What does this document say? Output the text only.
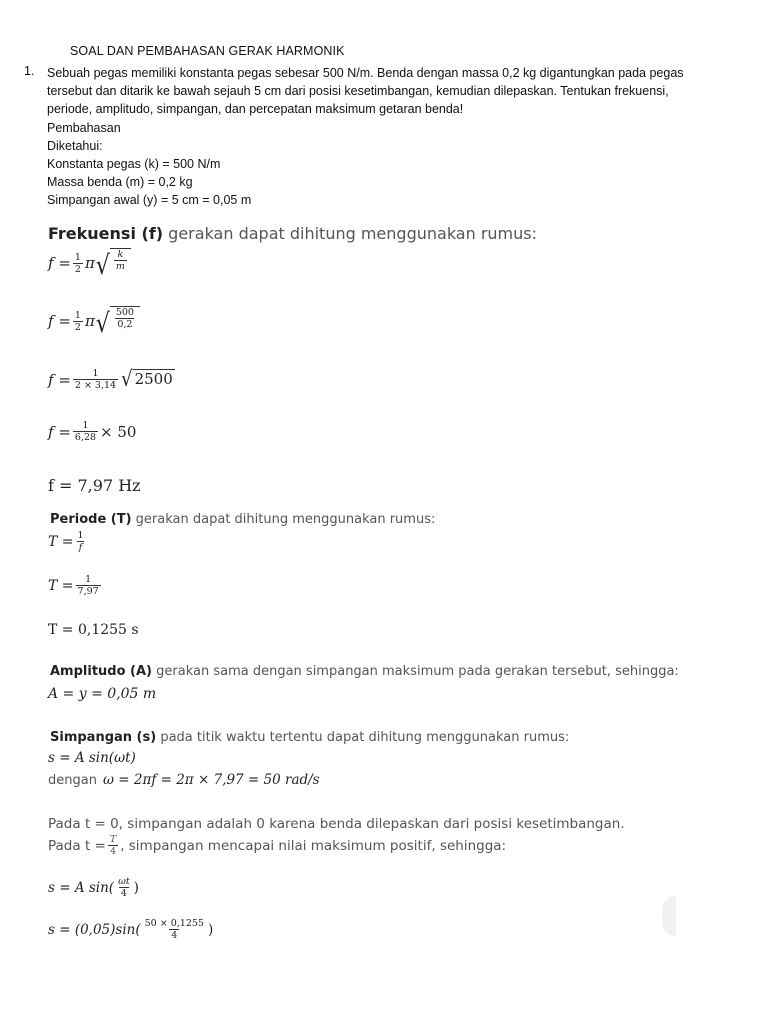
SOAL DAN PEMBAHASAN GERAK HARMONIK
1. Sebuah pegas memiliki konstanta pegas sebesar 500 N/m. Benda dengan massa 0,2 kg digantungkan pada pegas
tersebut dan ditarik ke bawah sejauh 5 cm dari posisi kesetimbangan, kemudian dilepaskan. Tentukan frekuensi,
periode, amplitudo, simpangan, dan percepatan maksimum getaran benda!
Pembahasan
Diketahui:
Konstanta pegas (k) = 500 N/m
Massa benda (m) = 0,2 kg
Simpangan awal (y) = 5 cm = 0,05 m
Frekuensi (f) gerakan dapat dihitung menggunakan rumus:
$f = \frac{1}{2}$ π √ $\frac{k}{m}$
$f = \frac{1}{2}$ π √ $\frac{500}{0,2}$
$f = \frac{1}{2 \times 3,14}$ √ 2500
$f = \frac{1}{6,28} \times 50$
f = 7,97 Hz
Periode (T) gerakan dapat dihitung menggunakan rumus:
$T = \frac{1}{f}$
$T = \frac{1}{7,97}$
T = 0,1255 s
Amplitudo (A) gerakan sama dengan simpangan maksimum pada gerakan tersebut, sehingga:
A = y = 0,05 m
Simpangan (s) pada titik waktu tertentu dapat dihitung menggunakan rumus:
s = A sin(ωt)
dengan ω = 2πf = 2π × 7,97 = 50 rad/s
Pada t = 0, simpangan adalah 0 karena benda dilepaskan dari posisi kesetimbangan.
Pada $t = \frac{T}{4}$ , simpangan mencapai nilai maksimum positif, sehingga:
s = A $\sin( \frac{\omega t}{4}$ )
$s = (0,05)\sin( \frac{50 \times 0,1255}{4}$ )
